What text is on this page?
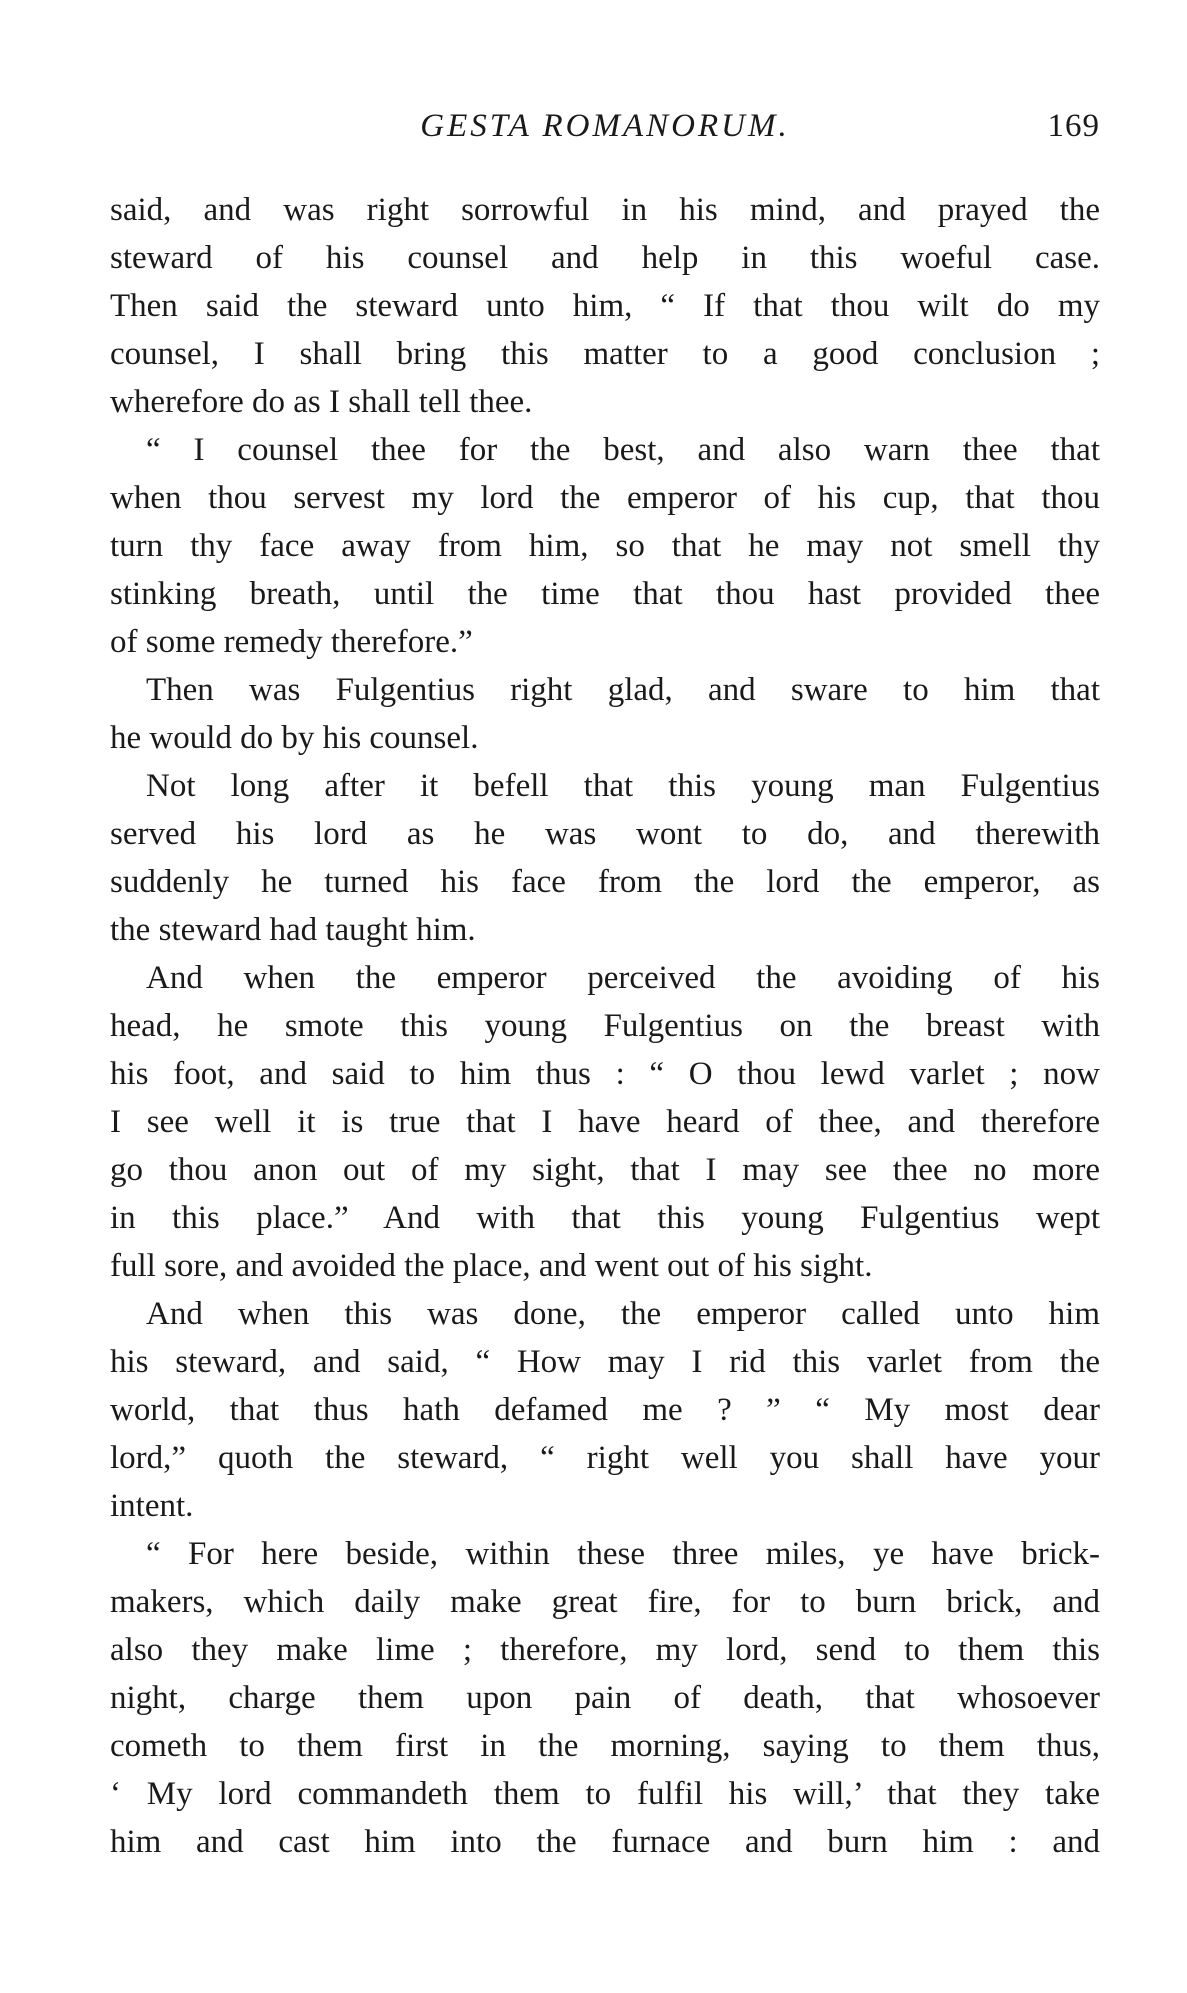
GESTA ROMANORUM.	169
said, and was right sorrowful in his mind, and prayed the
steward of his counsel and help in this woeful case.
Then said the steward unto him, “ If that thou wilt do my
counsel, I shall bring this matter to a good conclusion ;
wherefore do as I shall tell thee.
“ I counsel thee for the best, and also warn thee that
when thou servest my lord the emperor of his cup, that thou
turn thy face away from him, so that he may not smell thy
stinking breath, until the time that thou hast provided thee
of some remedy therefore.”
Then was Fulgentius right glad, and sware to him that
he would do by his counsel.
Not long after it befell that this young man Fulgentius
served his lord as he was wont to do, and therewith
suddenly he turned his face from the lord the emperor, as
the steward had taught him.
And when the emperor perceived the avoiding of his
head, he smote this young Fulgentius on the breast with
his foot, and said to him thus : “ O thou lewd varlet ; now
I see well it is true that I have heard of thee, and therefore
go thou anon out of my sight, that I may see thee no more
in this place.” And with that this young Fulgentius wept
full sore, and avoided the place, and went out of his sight.
And when this was done, the emperor called unto him
his steward, and said, “ How may I rid this varlet from the
world, that thus hath defamed me ? ” “ My most dear
lord,” quoth the steward, “ right well you shall have your
intent.
“ For here beside, within these three miles, ye have brick-
makers, which daily make great fire, for to burn brick, and
also they make lime ; therefore, my lord, send to them this
night, charge them upon pain of death, that whosoever
cometh to them first in the morning, saying to them thus,
‘ My lord commandeth them to fulfil his will,’ that they take
him and cast him into the furnace and burn him : and
